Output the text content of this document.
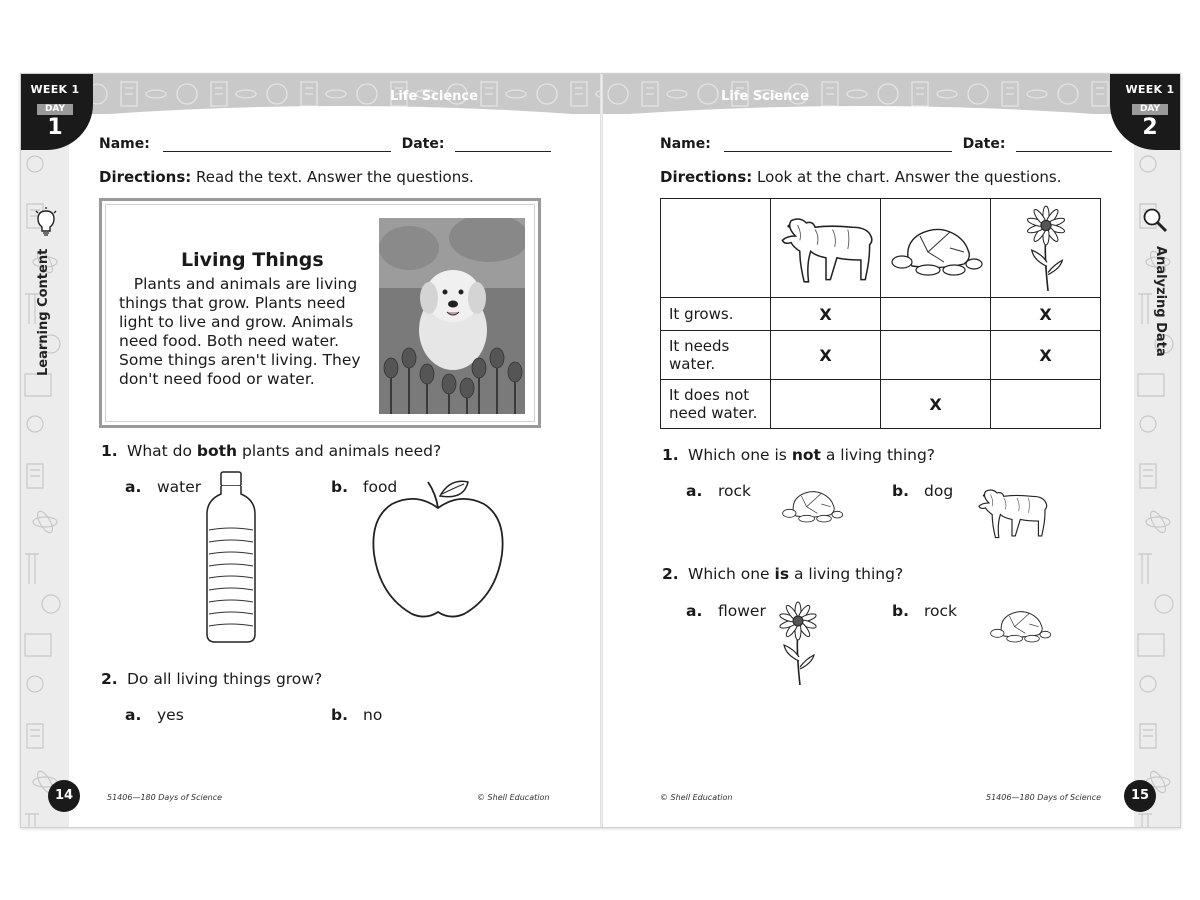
Life Science
Learning Content
WEEK 1
DAY
1
Name:	Date:
Directions: Read the text. Answer the questions.
Living Things
Plants and animals are living
things that grow. Plants need
light to live and grow. Animals
need food. Both need water.
Some things aren't living. They
don't need food or water.
1. What do both plants and animals need?
a. water	b. food
2. Do all living things grow?
a. yes	b. no
14	51406—180 Days of Science	© Shell Education
Life Science
Analyzing Data
WEEK 1
DAY
2
Name:	Date:
Directions: Look at the chart. Answer the questions.

It grows.	X		X

It needs
water.	X		X

It does not
need water.		X	
1. Which one is not a living thing?
a. rock	b. dog
2. Which one is a living thing?
a. flower	b. rock
15
© Shell Education	51406—180 Days of Science
